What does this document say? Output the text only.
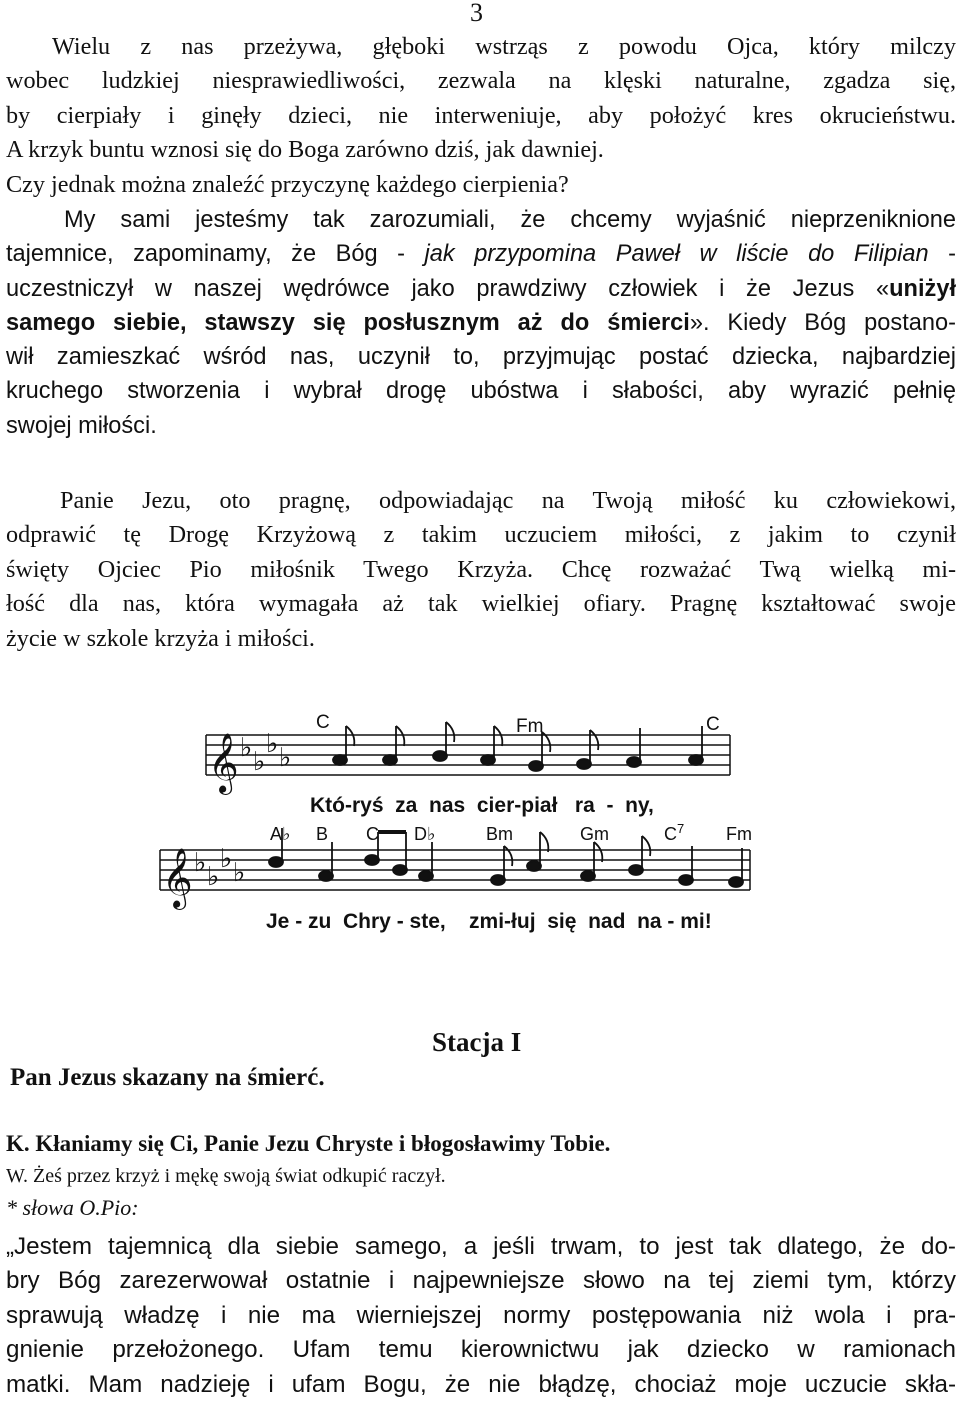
3
Wielu z nas przeżywa, głęboki wstrząs z powodu Ojca, który milczy
wobec ludzkiej niesprawiedliwości, zezwala na klęski naturalne, zgadza się,
by cierpiały i ginęły dzieci, nie interweniuje, aby położyć kres okrucieństwu.
A krzyk buntu wznosi się do Boga zarówno dziś, jak dawniej.
Czy jednak można znaleźć przyczynę każdego cierpienia?
My sami jesteśmy tak zarozumiali, że chcemy wyjaśnić nieprzeniknione
tajemnice, zapominamy, że Bóg - jak przypomina Paweł w liście do Filipian -
uczestniczył w naszej wędrówce jako prawdziwy człowiek i że Jezus «uniżył
samego siebie, stawszy się posłusznym aż do śmierci». Kiedy Bóg postano-
wił zamieszkać wśród nas, uczynił to, przyjmując postać dziecka, najbardziej
kruchego stworzenia i wybrał drogę ubóstwa i słabości, aby wyrazić pełnię
swojej miłości.
Panie Jezu, oto pragnę, odpowiadając na Twoją miłość ku człowiekowi,
odprawić tę Drogę Krzyżową z takim uczuciem miłości, z jakim to czynił
święty Ojciec Pio miłośnik Twego Krzyża. Chcę rozważać Twą wielką mi-
łość dla nas, która wymagała aż tak wielkiej ofiary. Pragnę kształtować swoje
życie w szkole krzyża i miłości.
C	Fm	C
𝄞 ♭ ♭
♭ ♭
Któ-ryś  za  nas  cier-piał   ra  -  ny,
A♭ B C D♭	Bm	Gm	$C^7$ Fm
𝄞 ♭ ♭
♭ ♭
Je - zu  Chry - ste,    zmi-łuj  się  nad  na - mi!
Stacja I
Pan Jezus skazany na śmierć.
K. Kłaniamy się Ci, Panie Jezu Chryste i błogosławimy Tobie.
W. Żeś przez krzyż i mękę swoją świat odkupić raczył.
* słowa O.Pio:
„Jestem tajemnicą dla siebie samego, a jeśli trwam, to jest tak dlatego, że do-
bry Bóg zarezerwował ostatnie i najpewniejsze słowo na tej ziemi tym, którzy
sprawują władzę i nie ma wierniejszej normy postępowania niż wola i pra-
gnienie przełożonego. Ufam temu kierownictwu jak dziecko w ramionach
matki. Mam nadzieję i ufam Bogu, że nie błądzę, chociaż moje uczucie skła-
